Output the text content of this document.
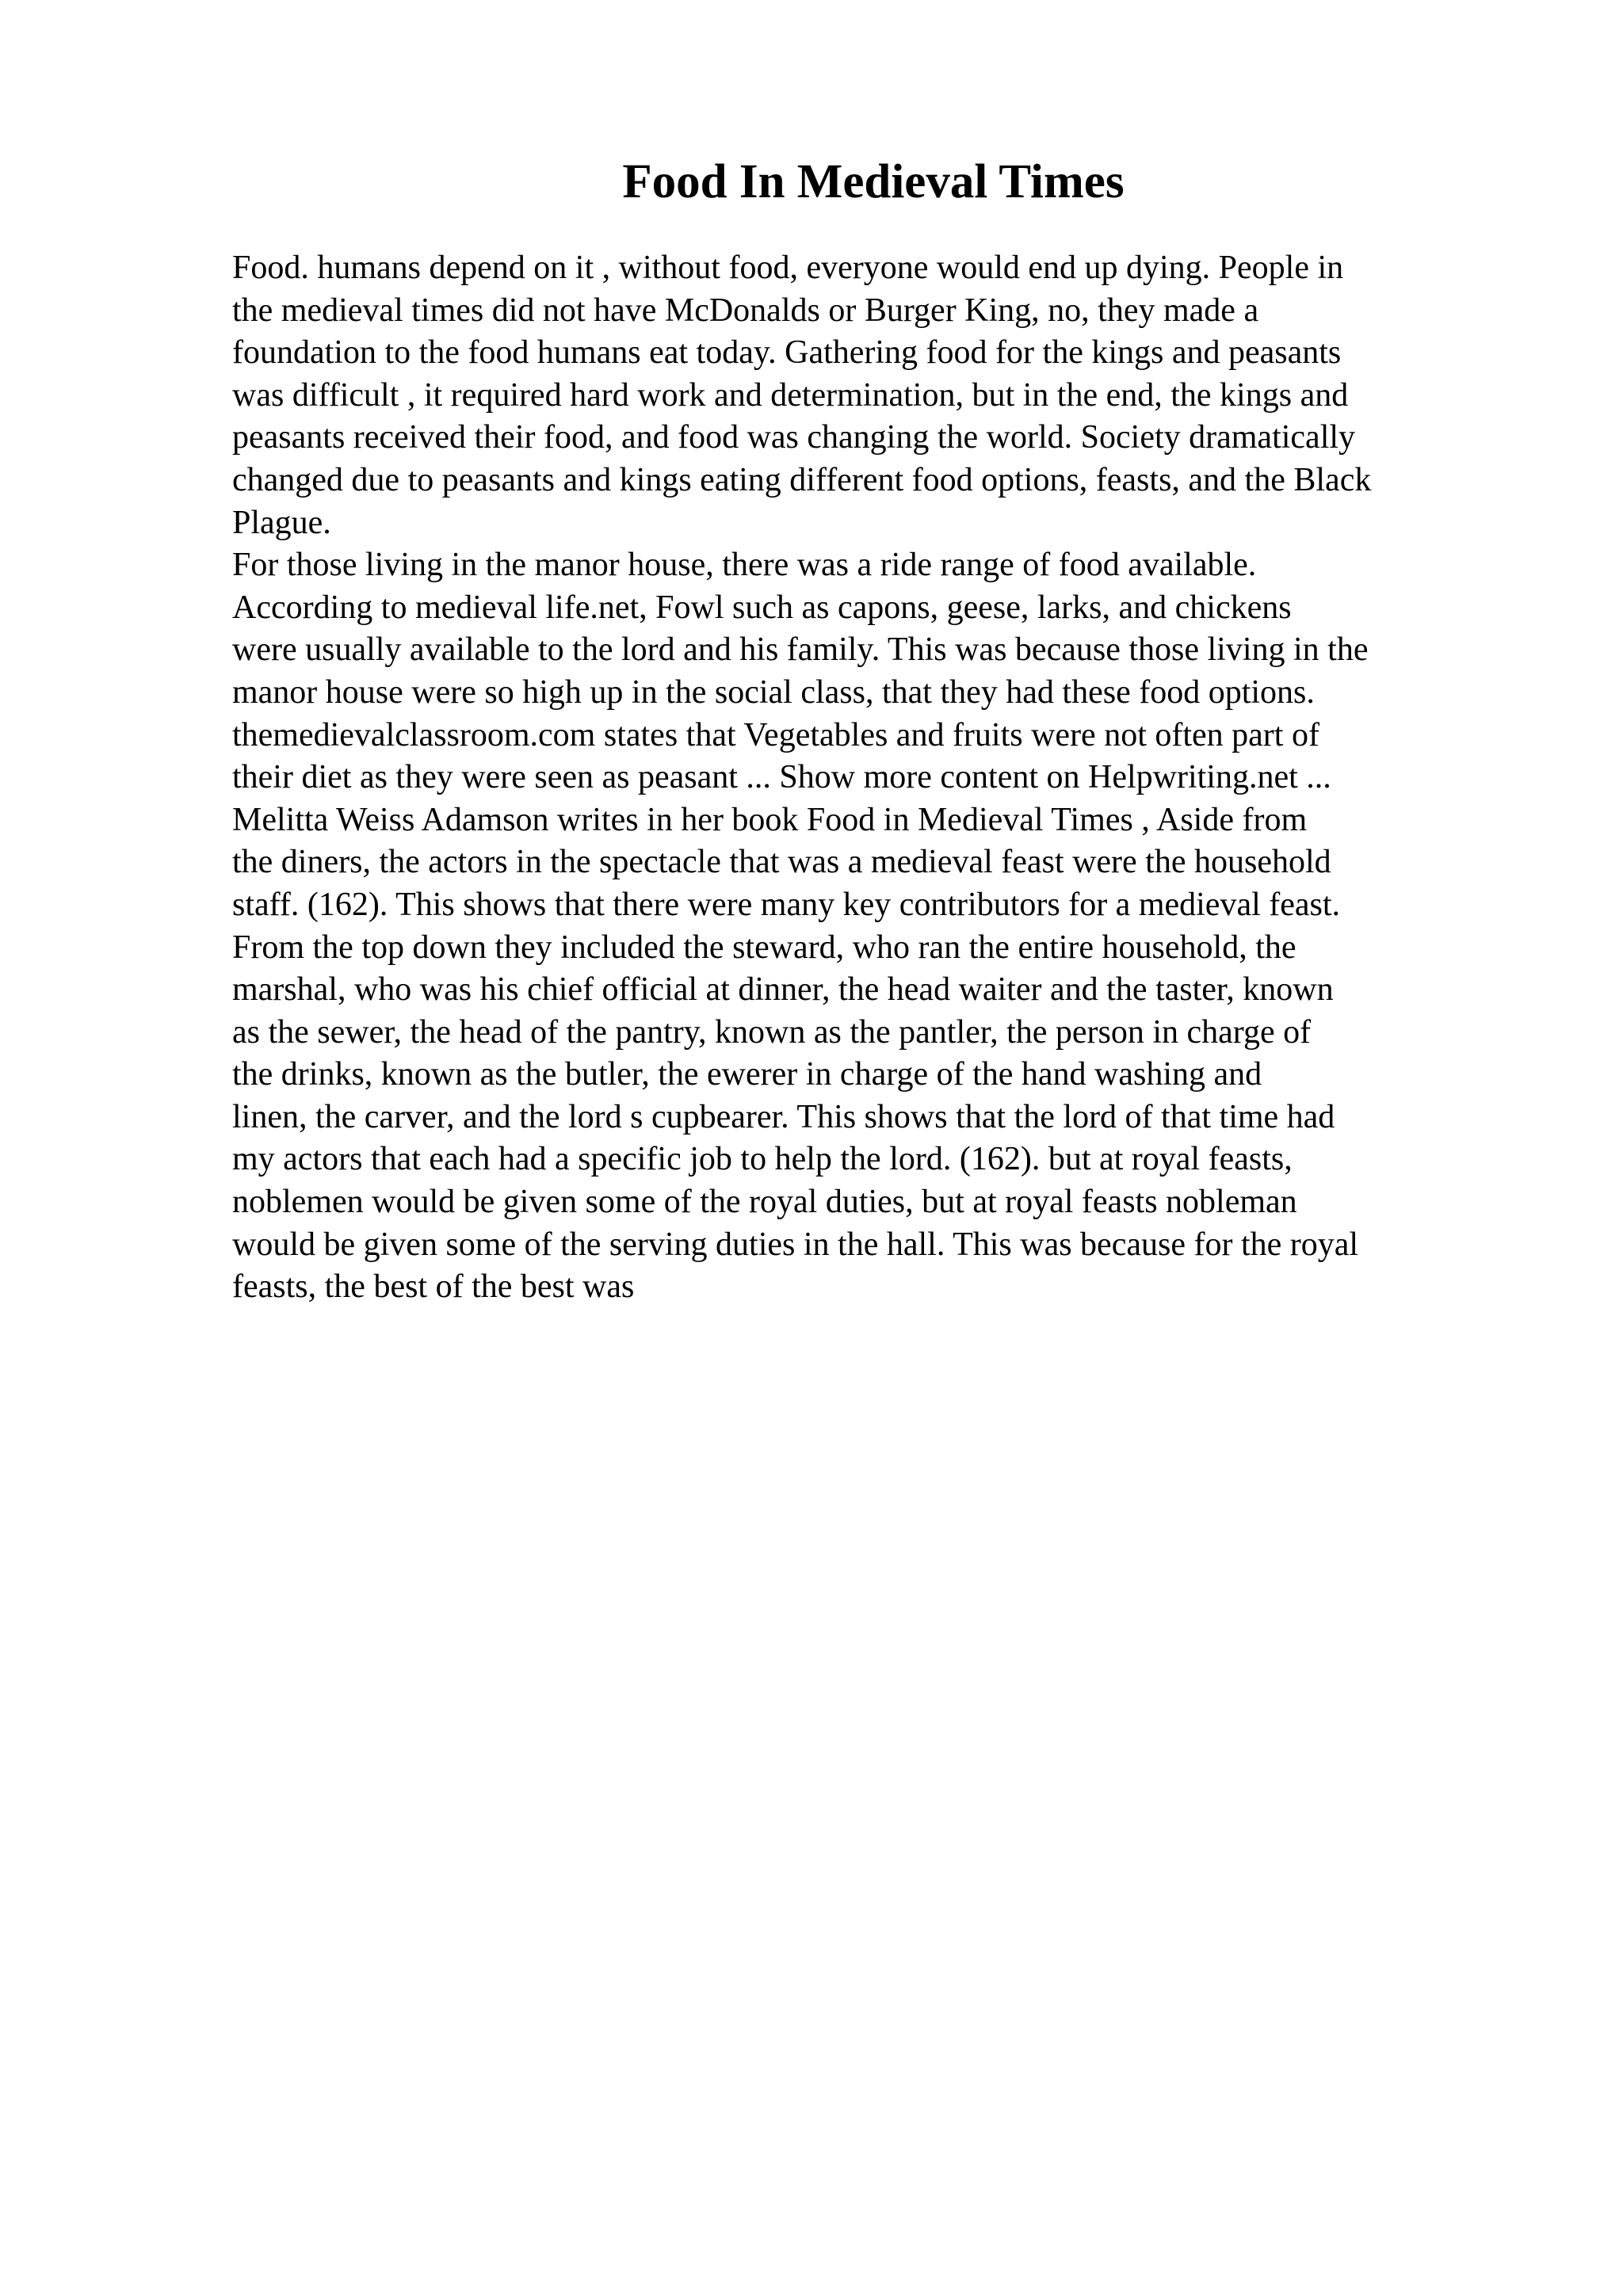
Food In Medieval Times
Food. humans depend on it , without food, everyone would end up dying. People in
the medieval times did not have McDonalds or Burger King, no, they made a
foundation to the food humans eat today. Gathering food for the kings and peasants
was difficult , it required hard work and determination, but in the end, the kings and
peasants received their food, and food was changing the world. Society dramatically
changed due to peasants and kings eating different food options, feasts, and the Black
Plague.
For those living in the manor house, there was a ride range of food available.
According to medieval life.net, Fowl such as capons, geese, larks, and chickens
were usually available to the lord and his family. This was because those living in the
manor house were so high up in the social class, that they had these food options.
themedievalclassroom.com states that Vegetables and fruits were not often part of
their diet as they were seen as peasant ... Show more content on Helpwriting.net ...
Melitta Weiss Adamson writes in her book Food in Medieval Times , Aside from
the diners, the actors in the spectacle that was a medieval feast were the household
staff. (162). This shows that there were many key contributors for a medieval feast.
From the top down they included the steward, who ran the entire household, the
marshal, who was his chief official at dinner, the head waiter and the taster, known
as the sewer, the head of the pantry, known as the pantler, the person in charge of
the drinks, known as the butler, the ewerer in charge of the hand washing and
linen, the carver, and the lord s cupbearer. This shows that the lord of that time had
my actors that each had a specific job to help the lord. (162). but at royal feasts,
noblemen would be given some of the royal duties, but at royal feasts nobleman
would be given some of the serving duties in the hall. This was because for the royal
feasts, the best of the best was
